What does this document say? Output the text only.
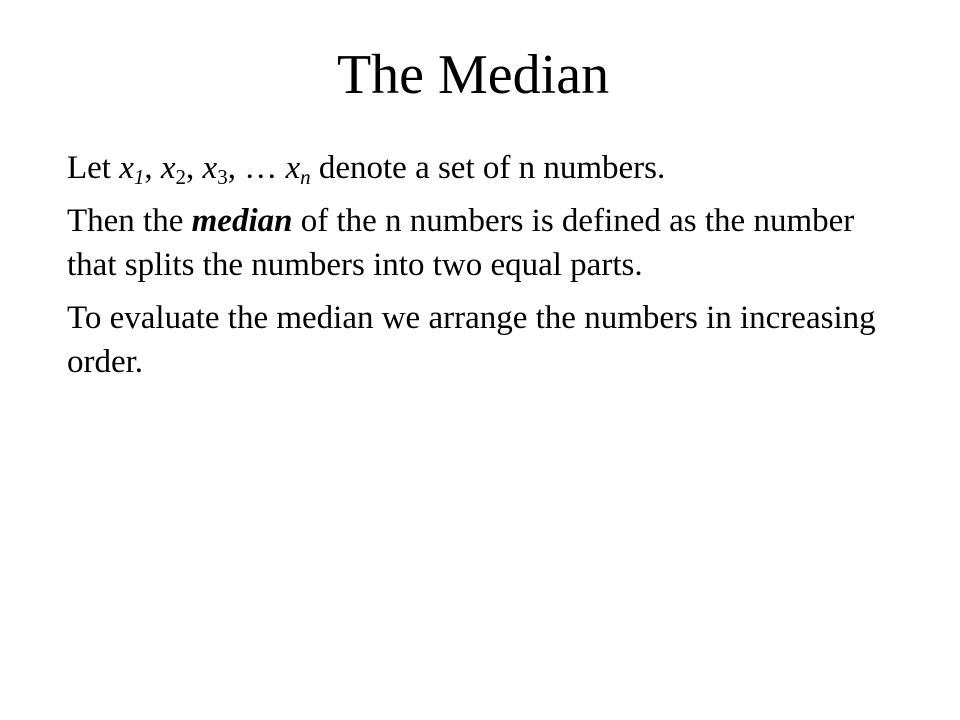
The Median

Let $x_1$, $x_2$, $x_3$, … $x_n$ denote a set of n numbers.

Then the median of the n numbers is defined as the number that splits the numbers into two equal parts.

To evaluate the median we arrange the numbers in increasing order.
